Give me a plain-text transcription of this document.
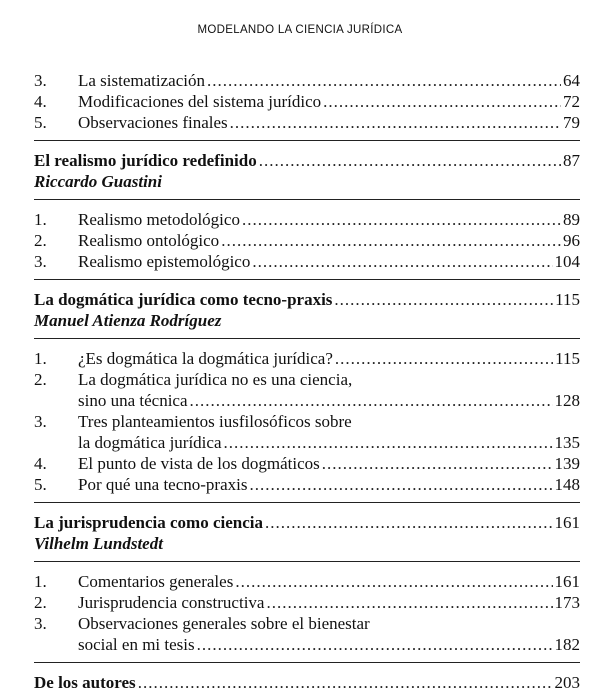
MODELANDO LA CIENCIA JURÍDICA
3.	La sistematización .....	64
4.	Modificaciones del sistema jurídico .....	72
5.	Observaciones finales .....	79
El realismo jurídico redefinido .....	87
Riccardo Guastini
1.	Realismo metodológico .....	89
2.	Realismo ontológico .....	96
3.	Realismo epistemológico .....	104
La dogmática jurídica como tecno-praxis .....	115
Manuel Atienza Rodríguez
1.	¿Es dogmática la dogmática jurídica? .....	115
2.	La dogmática jurídica no es una ciencia,
sino una técnica .....	128
3.	Tres planteamientos iusfilosóficos sobre
la dogmática jurídica .....	135
4.	El punto de vista de los dogmáticos .....	139
5.	Por qué una tecno-praxis .....	148
La jurisprudencia como ciencia .....	161
Vilhelm Lundstedt
1.	Comentarios generales .....	161
2.	Jurisprudencia constructiva .....	173
3.	Observaciones generales sobre el bienestar
social en mi tesis .....	182
De los autores .....	203
